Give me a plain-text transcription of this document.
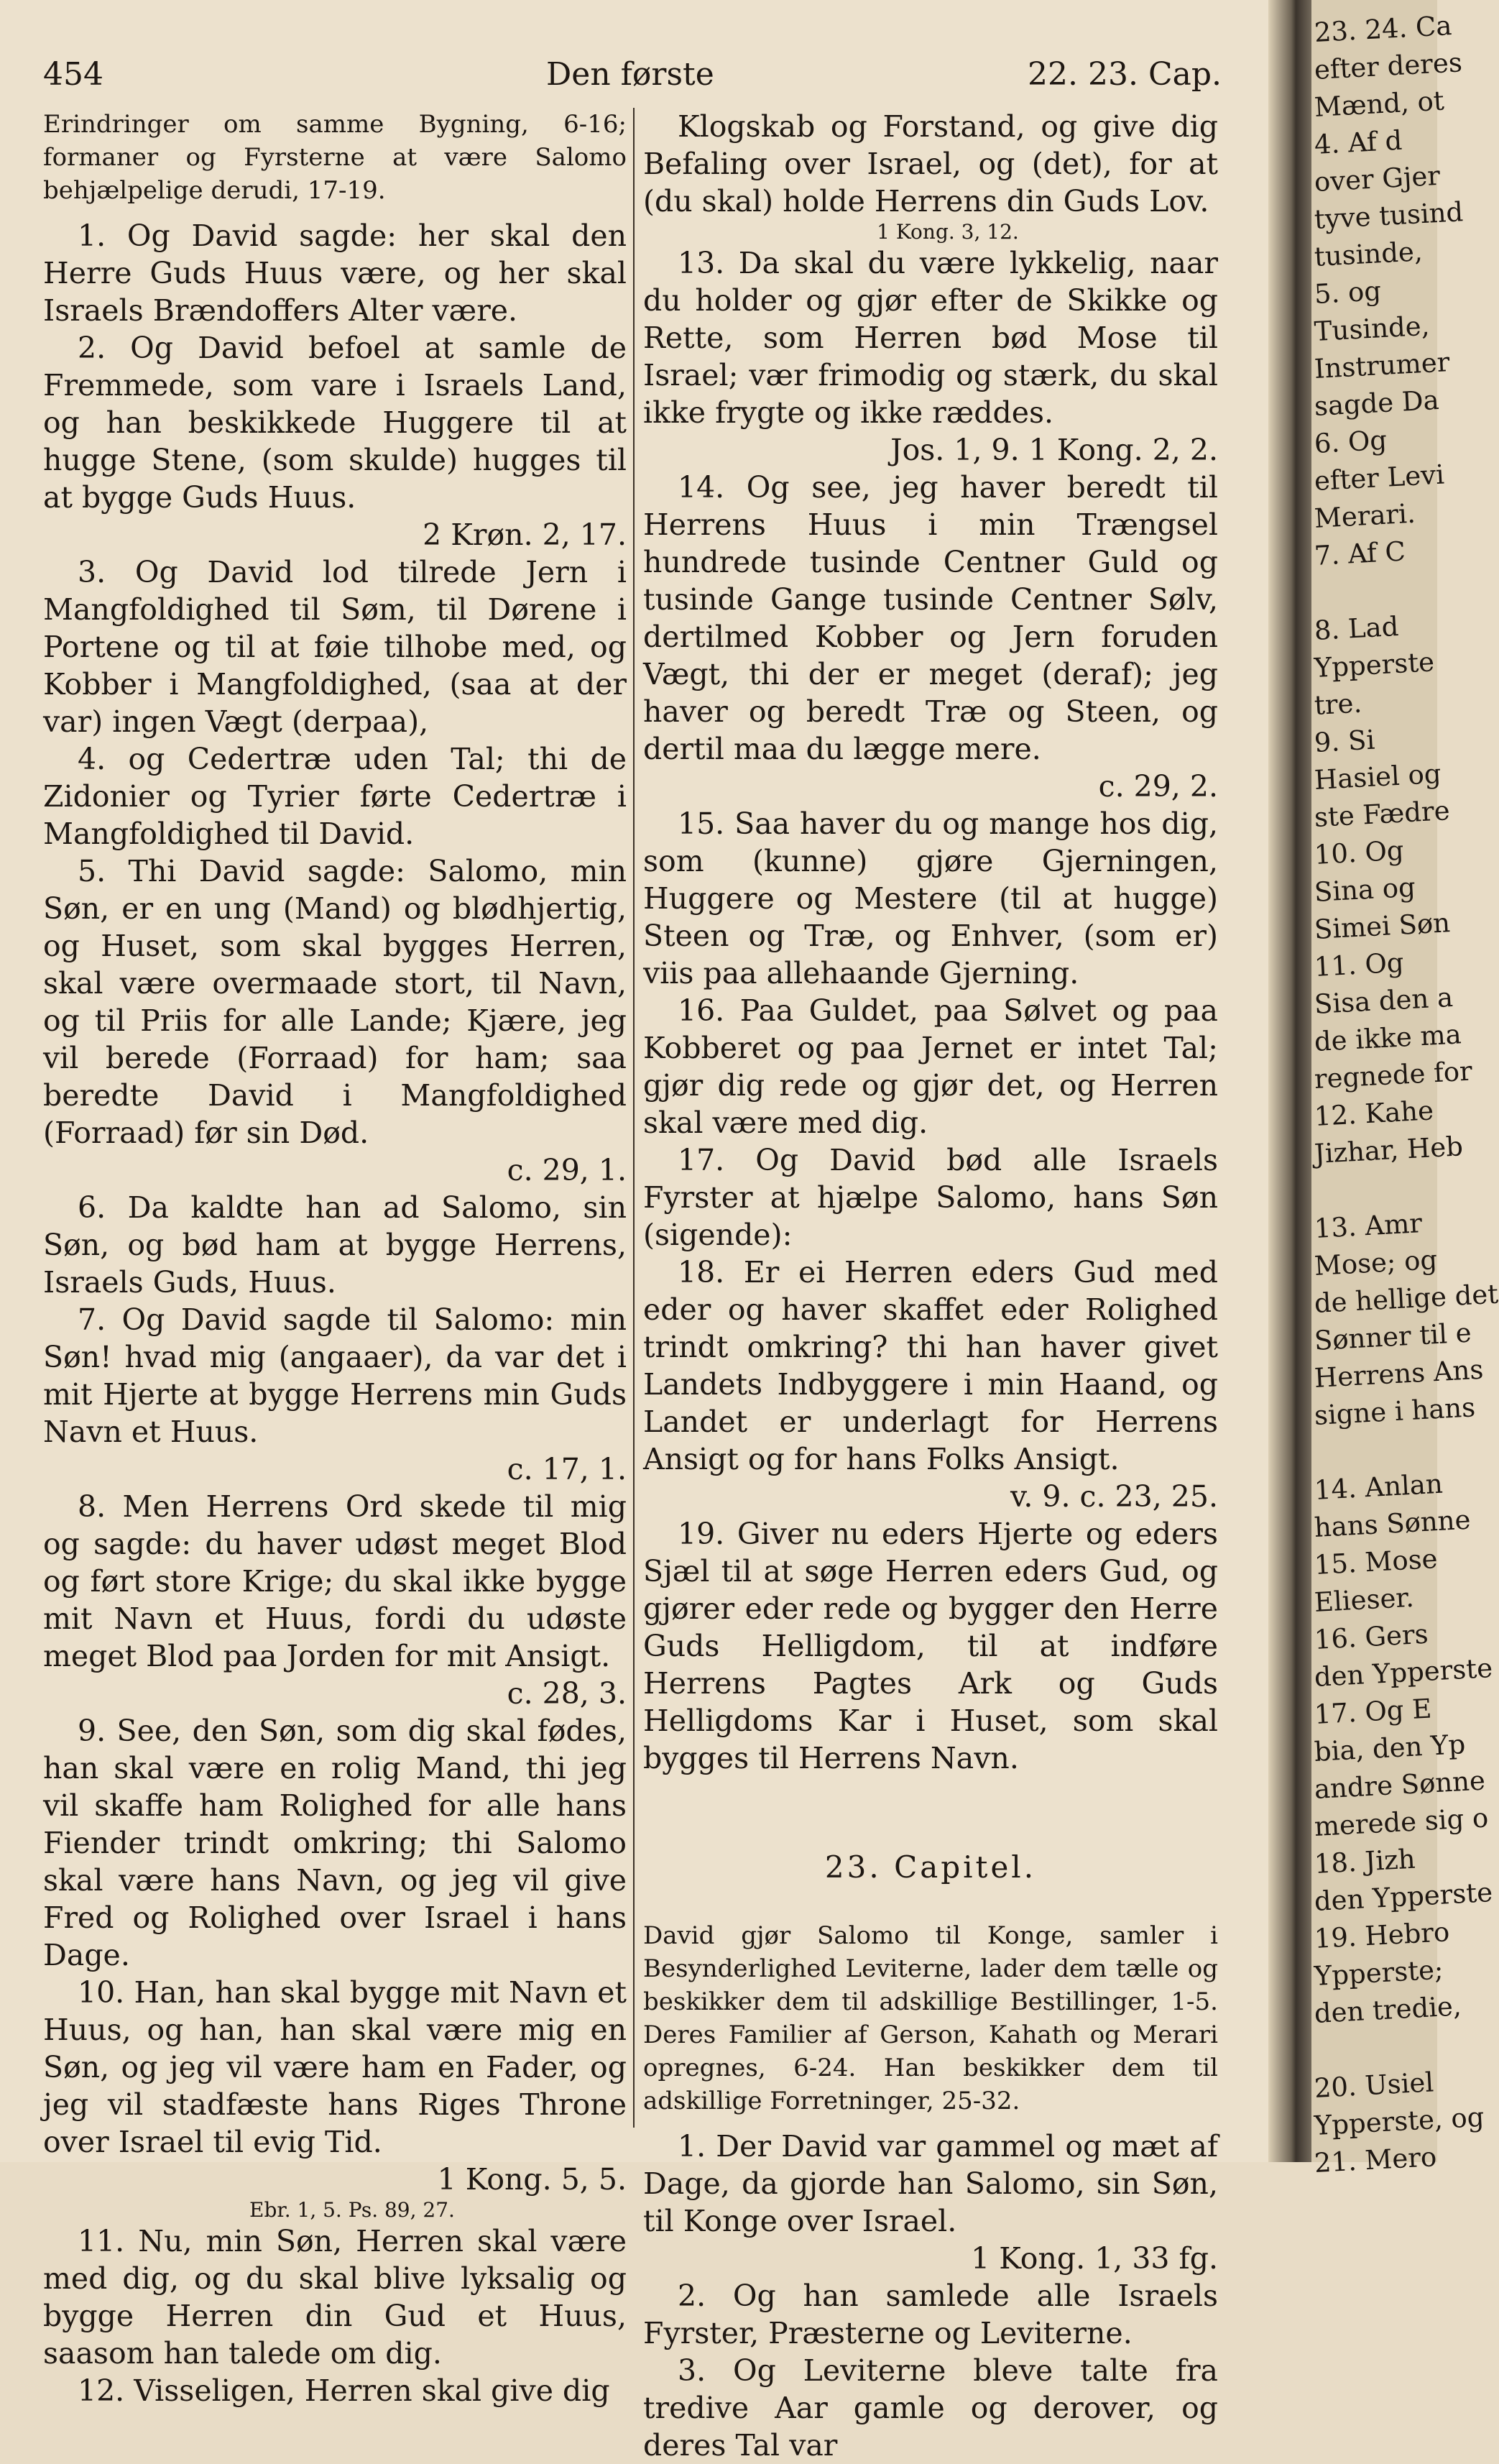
454	Den første	22. 23. Cap.

Erindringer om samme Bygning, 6-16; formaner og Fyrsterne at være Salomo behjælpelige derudi, 17-19.

1. Og David sagde: her skal den Herre Guds Huus være, og her skal Israels Brændoffers Alter være.

2. Og David befoel at samle de Fremmede, som vare i Israels Land, og han beskikkede Huggere til at hugge Stene, (som skulde) hugges til at bygge Guds Huus.
2 Krøn. 2, 17.

3. Og David lod tilrede Jern i Mangfoldighed til Søm, til Dørene i Portene og til at føie tilhobe med, og Kobber i Mangfoldighed, (saa at der var) ingen Vægt (derpaa),

4. og Cedertræ uden Tal; thi de Zidonier og Tyrier førte Cedertræ i Mangfoldighed til David.

5. Thi David sagde: Salomo, min Søn, er en ung (Mand) og blødhjertig, og Huset, som skal bygges Herren, skal være overmaade stort, til Navn, og til Priis for alle Lande; Kjære, jeg vil berede (Forraad) for ham; saa beredte David i Mangfoldighed (Forraad) før sin Død.
c. 29, 1.

6. Da kaldte han ad Salomo, sin Søn, og bød ham at bygge Herrens, Israels Guds, Huus.

7. Og David sagde til Salomo: min Søn! hvad mig (angaaer), da var det i mit Hjerte at bygge Herrens min Guds Navn et Huus.
c. 17, 1.

8. Men Herrens Ord skede til mig og sagde: du haver udøst meget Blod og ført store Krige; du skal ikke bygge mit Navn et Huus, fordi du udøste meget Blod paa Jorden for mit Ansigt.
c. 28, 3.

9. See, den Søn, som dig skal fødes, han skal være en rolig Mand, thi jeg vil skaffe ham Rolighed for alle hans Fiender trindt omkring; thi Salomo skal være hans Navn, og jeg vil give Fred og Rolighed over Israel i hans Dage.

10. Han, han skal bygge mit Navn et Huus, og han, han skal være mig en Søn, og jeg vil være ham en Fader, og jeg vil stadfæste hans Riges Throne over Israel til evig Tid.
1 Kong. 5, 5.
Ebr. 1, 5. Ps. 89, 27.

11. Nu, min Søn, Herren skal være med dig, og du skal blive lyksalig og bygge Herren din Gud et Huus, saasom han talede om dig.

12. Visseligen, Herren skal give dig

Klogskab og Forstand, og give dig Befaling over Israel, og (det), for at (du skal) holde Herrens din Guds Lov.
1 Kong. 3, 12.

13. Da skal du være lykkelig, naar du holder og gjør efter de Skikke og Rette, som Herren bød Mose til Israel; vær frimodig og stærk, du skal ikke frygte og ikke ræddes.
Jos. 1, 9. 1 Kong. 2, 2.

14. Og see, jeg haver beredt til Herrens Huus i min Trængsel hundrede tusinde Centner Guld og tusinde Gange tusinde Centner Sølv, dertilmed Kobber og Jern foruden Vægt, thi der er meget (deraf); jeg haver og beredt Træ og Steen, og dertil maa du lægge mere.
c. 29, 2.

15. Saa haver du og mange hos dig, som (kunne) gjøre Gjerningen, Huggere og Mestere (til at hugge) Steen og Træ, og Enhver, (som er) viis paa allehaande Gjerning.

16. Paa Guldet, paa Sølvet og paa Kobberet og paa Jernet er intet Tal; gjør dig rede og gjør det, og Herren skal være med dig.

17. Og David bød alle Israels Fyrster at hjælpe Salomo, hans Søn (sigende):

18. Er ei Herren eders Gud med eder og haver skaffet eder Rolighed trindt omkring? thi han haver givet Landets Indbyggere i min Haand, og Landet er underlagt for Herrens Ansigt og for hans Folks Ansigt.
v. 9. c. 23, 25.

19. Giver nu eders Hjerte og eders Sjæl til at søge Herren eders Gud, og gjører eder rede og bygger den Herre Guds Helligdom, til at indføre Herrens Pagtes Ark og Guds Helligdoms Kar i Huset, som skal bygges til Herrens Navn.

23. Capitel.

David gjør Salomo til Konge, samler i Besynderlighed Leviterne, lader dem tælle og beskikker dem til adskillige Bestillinger, 1-5. Deres Familier af Gerson, Kahath og Merari opregnes, 6-24. Han beskikker dem til adskillige Forretninger, 25-32.

1. Der David var gammel og mæt af Dage, da gjorde han Salomo, sin Søn, til Konge over Israel.
1 Kong. 1, 33 fg.

2. Og han samlede alle Israels Fyrster, Præsterne og Leviterne.

3. Og Leviterne bleve talte fra tredive Aar gamle og derover, og deres Tal var

23. 24. Ca
efter deres
Mænd, ot
4. Af d
over Gjer
tyve tusind
tusinde,
5. og
Tusinde,
Instrumer
sagde Da
6. Og
efter Levi
Merari.
7. Af C

8. Lad
Ypperste
tre.
9. Si
Hasiel og
ste Fædre
10. Og
Sina og
Simei Søn
11. Og
Sisa den a
de ikke ma
regnede for
12. Kahe
Jizhar, Heb

13. Amr
Mose; og
de hellige det
Sønner til e
Herrens Ans
signe i hans

14. Anlan
hans Sønne
15. Mose
Elieser.
16. Gers
den Ypperste
17. Og E
bia, den Yp
andre Sønne
merede sig o
18. Jizh
den Ypperste
19. Hebro
Ypperste;
den tredie,

20. Usiel
Ypperste, og
21. Mero
